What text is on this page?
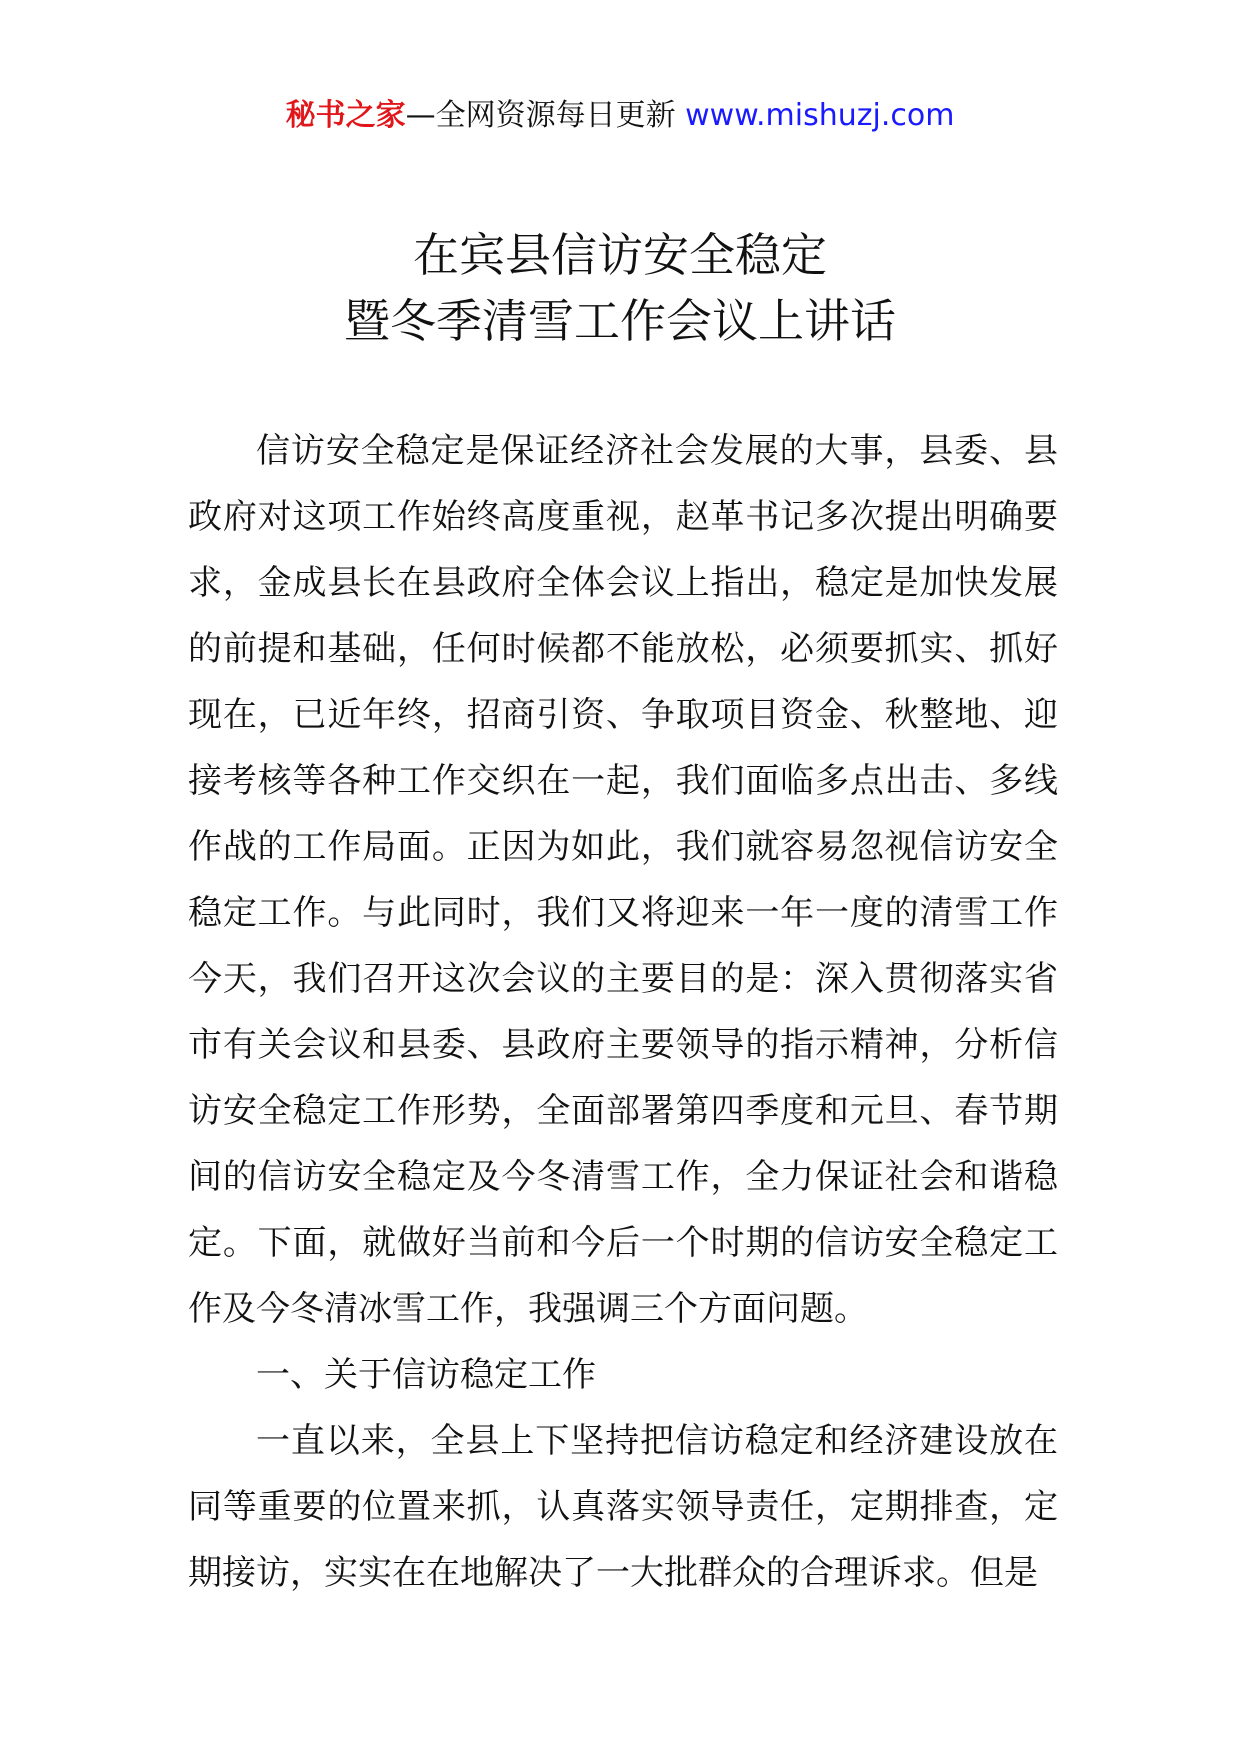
秘书之家—全网资源每日更新 www.mishuzj.com
在宾县信访安全稳定
暨冬季清雪工作会议上讲话

信访安全稳定是保证经济社会发展的大事，县委、县政府对这项工作始终高度重视，赵革书记多次提出明确要求，金成县长在县政府全体会议上指出，稳定是加快发展的前提和基础，任何时候都不能放松，必须要抓实、抓好现在，已近年终，招商引资、争取项目资金、秋整地、迎接考核等各种工作交织在一起，我们面临多点出击、多线作战的工作局面。正因为如此，我们就容易忽视信访安全稳定工作。与此同时，我们又将迎来一年一度的清雪工作今天，我们召开这次会议的主要目的是：深入贯彻落实省市有关会议和县委、县政府主要领导的指示精神，分析信访安全稳定工作形势，全面部署第四季度和元旦、春节期间的信访安全稳定及今冬清雪工作，全力保证社会和谐稳定。下面，就做好当前和今后一个时期的信访安全稳定工作及今冬清冰雪工作，我强调三个方面问题。

一、关于信访稳定工作

一直以来，全县上下坚持把信访稳定和经济建设放在同等重要的位置来抓，认真落实领导责任，定期排查，定期接访，实实在在地解决了一大批群众的合理诉求。但是
